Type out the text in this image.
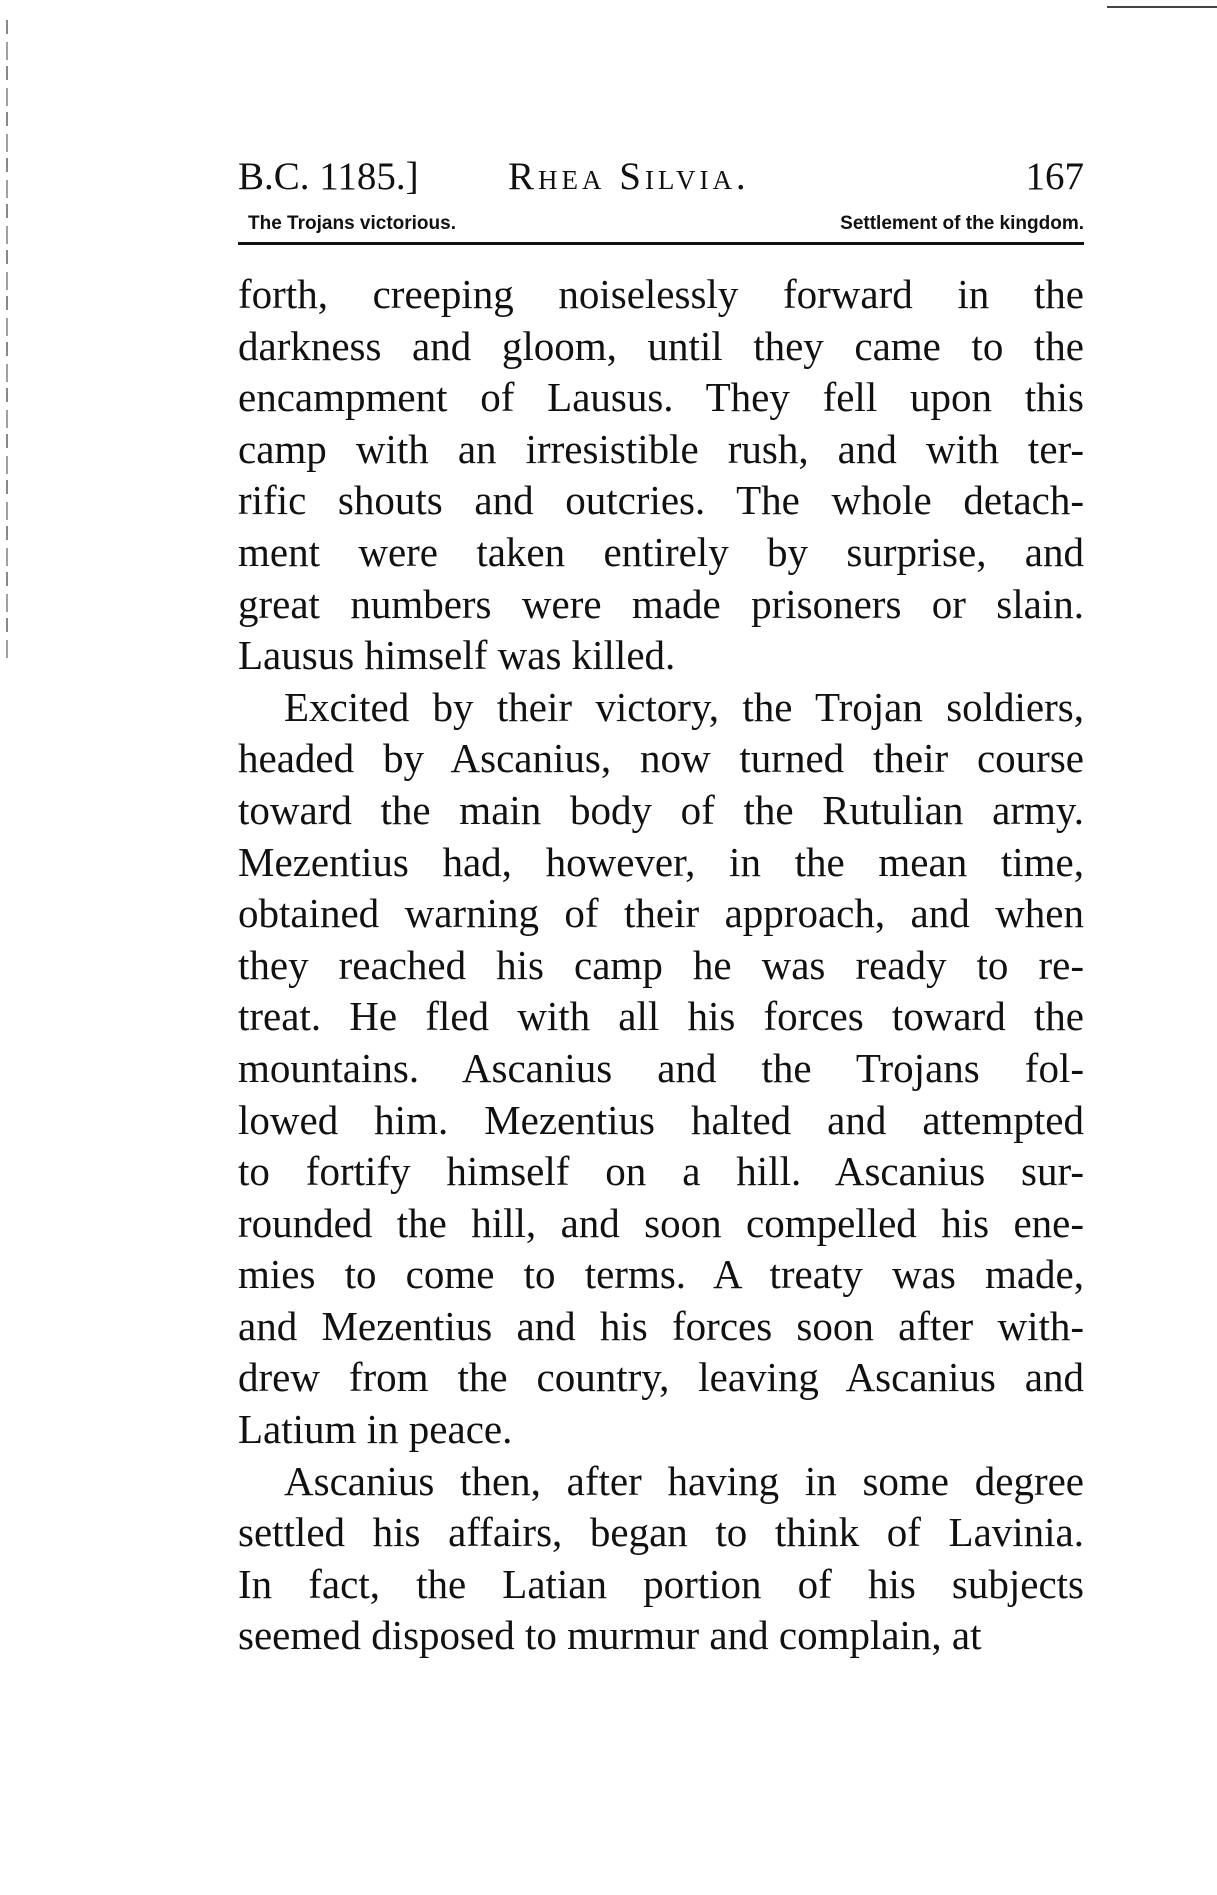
B.C. 1185.] Rhea Silvia.	167
The Trojans victorious.	Settlement of the kingdom.
forth, creeping noiselessly forward in the
darkness and gloom, until they came to the
encampment of Lausus. They fell upon this
camp with an irresistible rush, and with ter-
rific shouts and outcries. The whole detach-
ment were taken entirely by surprise, and
great numbers were made prisoners or slain.
Lausus himself was killed.
Excited by their victory, the Trojan soldiers,
headed by Ascanius, now turned their course
toward the main body of the Rutulian army.
Mezentius had, however, in the mean time,
obtained warning of their approach, and when
they reached his camp he was ready to re-
treat. He fled with all his forces toward the
mountains. Ascanius and the Trojans fol-
lowed him. Mezentius halted and attempted
to fortify himself on a hill. Ascanius sur-
rounded the hill, and soon compelled his ene-
mies to come to terms. A treaty was made,
and Mezentius and his forces soon after with-
drew from the country, leaving Ascanius and
Latium in peace.
Ascanius then, after having in some degree
settled his affairs, began to think of Lavinia.
In fact, the Latian portion of his subjects
seemed disposed to murmur and complain, at
